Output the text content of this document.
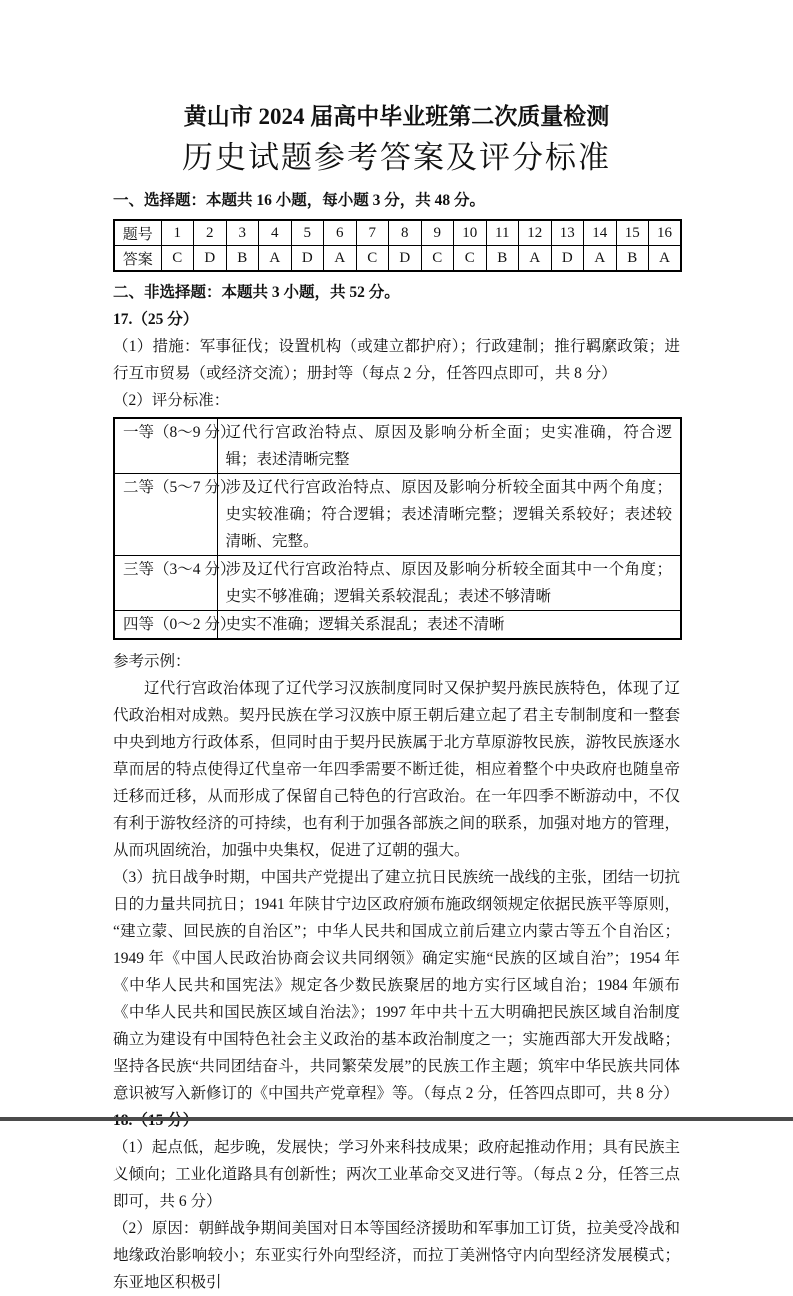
黄山市 2024 届高中毕业班第二次质量检测

历史试题参考答案及评分标准

一、选择题：本题共 16 小题，每小题 3 分，共 48 分。

题号	1	2	3	4	5	6	7	8	9	10	11	12	13	14	15	16
答案	C	D	B	A	D	A	C	D	C	C	B	A	D	A	B	A

二、非选择题：本题共 3 小题，共 52 分。

17.（25 分）

（1）措施：军事征伐；设置机构（或建立都护府）；行政建制；推行羁縻政策；进行互市贸易（或经济交流）；册封等（每点 2 分，任答四点即可，共 8 分）

（2）评分标准：

一等（8～9 分）	辽代行宫政治特点、原因及影响分析全面；史实准确，符合逻辑；表述清晰完整
二等（5～7 分）	涉及辽代行宫政治特点、原因及影响分析较全面其中两个角度；史实较准确；符合逻辑；表述清晰完整；逻辑关系较好；表述较清晰、完整。
三等（3～4 分）	涉及辽代行宫政治特点、原因及影响分析较全面其中一个角度；史实不够准确；逻辑关系较混乱；表述不够清晰
四等（0～2 分）	史实不准确；逻辑关系混乱；表述不清晰

参考示例：

辽代行宫政治体现了辽代学习汉族制度同时又保护契丹族民族特色，体现了辽代政治相对成熟。契丹民族在学习汉族中原王朝后建立起了君主专制制度和一整套中央到地方行政体系，但同时由于契丹民族属于北方草原游牧民族，游牧民族逐水草而居的特点使得辽代皇帝一年四季需要不断迁徙，相应着整个中央政府也随皇帝迁移而迁移，从而形成了保留自己特色的行宫政治。在一年四季不断游动中，不仅有利于游牧经济的可持续，也有利于加强各部族之间的联系，加强对地方的管理，从而巩固统治，加强中央集权，促进了辽朝的强大。

（3）抗日战争时期，中国共产党提出了建立抗日民族统一战线的主张，团结一切抗日的力量共同抗日；1941 年陕甘宁边区政府颁布施政纲领规定依据民族平等原则，“建立蒙、回民族的自治区”；中华人民共和国成立前后建立内蒙古等五个自治区；1949 年《中国人民政治协商会议共同纲领》确定实施“民族的区域自治”；1954 年《中华人民共和国宪法》规定各少数民族聚居的地方实行区域自治；1984 年颁布《中华人民共和国民族区域自治法》；1997 年中共十五大明确把民族区域自治制度确立为建设有中国特色社会主义政治的基本政治制度之一；实施西部大开发战略；坚持各民族“共同团结奋斗，共同繁荣发展”的民族工作主题；筑牢中华民族共同体意识被写入新修订的《中国共产党章程》等。（每点 2 分，任答四点即可，共 8 分）

（1）起点低，起步晚，发展快；学习外来科技成果；政府起推动作用；具有民族主义倾向；工业化道路具有创新性；两次工业革命交叉进行等。（每点 2 分，任答三点即可，共 6 分）

（2）原因：朝鲜战争期间美国对日本等国经济援助和军事加工订货，拉美受冷战和地缘政治影响较小；东亚实行外向型经济，而拉丁美洲恪守内向型经济发展模式；东亚地区积极引
